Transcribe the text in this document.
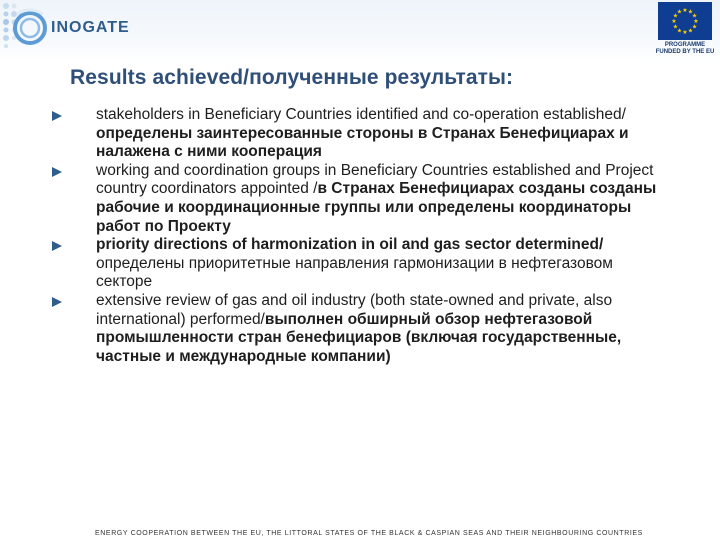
INOGATE
★ ★
★
★
★
★
★
★
★
★
★
★
PROGRAMME
FUNDED BY THE EU
Results achieved/полученные результаты:
stakeholders in Beneficiary Countries identified and co-operation established/определены заинтересованные стороны в Странах Бенефициарах и налажена с ними кооперация
working and coordination groups in Beneficiary Countries established and Project country coordinators appointed /в Странах Бенефициарах созданы созданы рабочие и координационные группы или определены координаторы работ по Проекту
priority directions of harmonization in oil and gas sector determined/определены приоритетные направления гармонизации в нефтегазовом секторе
extensive review of gas and oil industry (both state-owned and private, also international) performed/выполнен обширный обзор нефтегазовой промышленности стран бенефициаров (включая государственные, частные и международные компании)
ENERGY COOPERATION BETWEEN THE EU, THE LITTORAL STATES OF THE BLACK & CASPIAN SEAS AND THEIR NEIGHBOURING COUNTRIES
